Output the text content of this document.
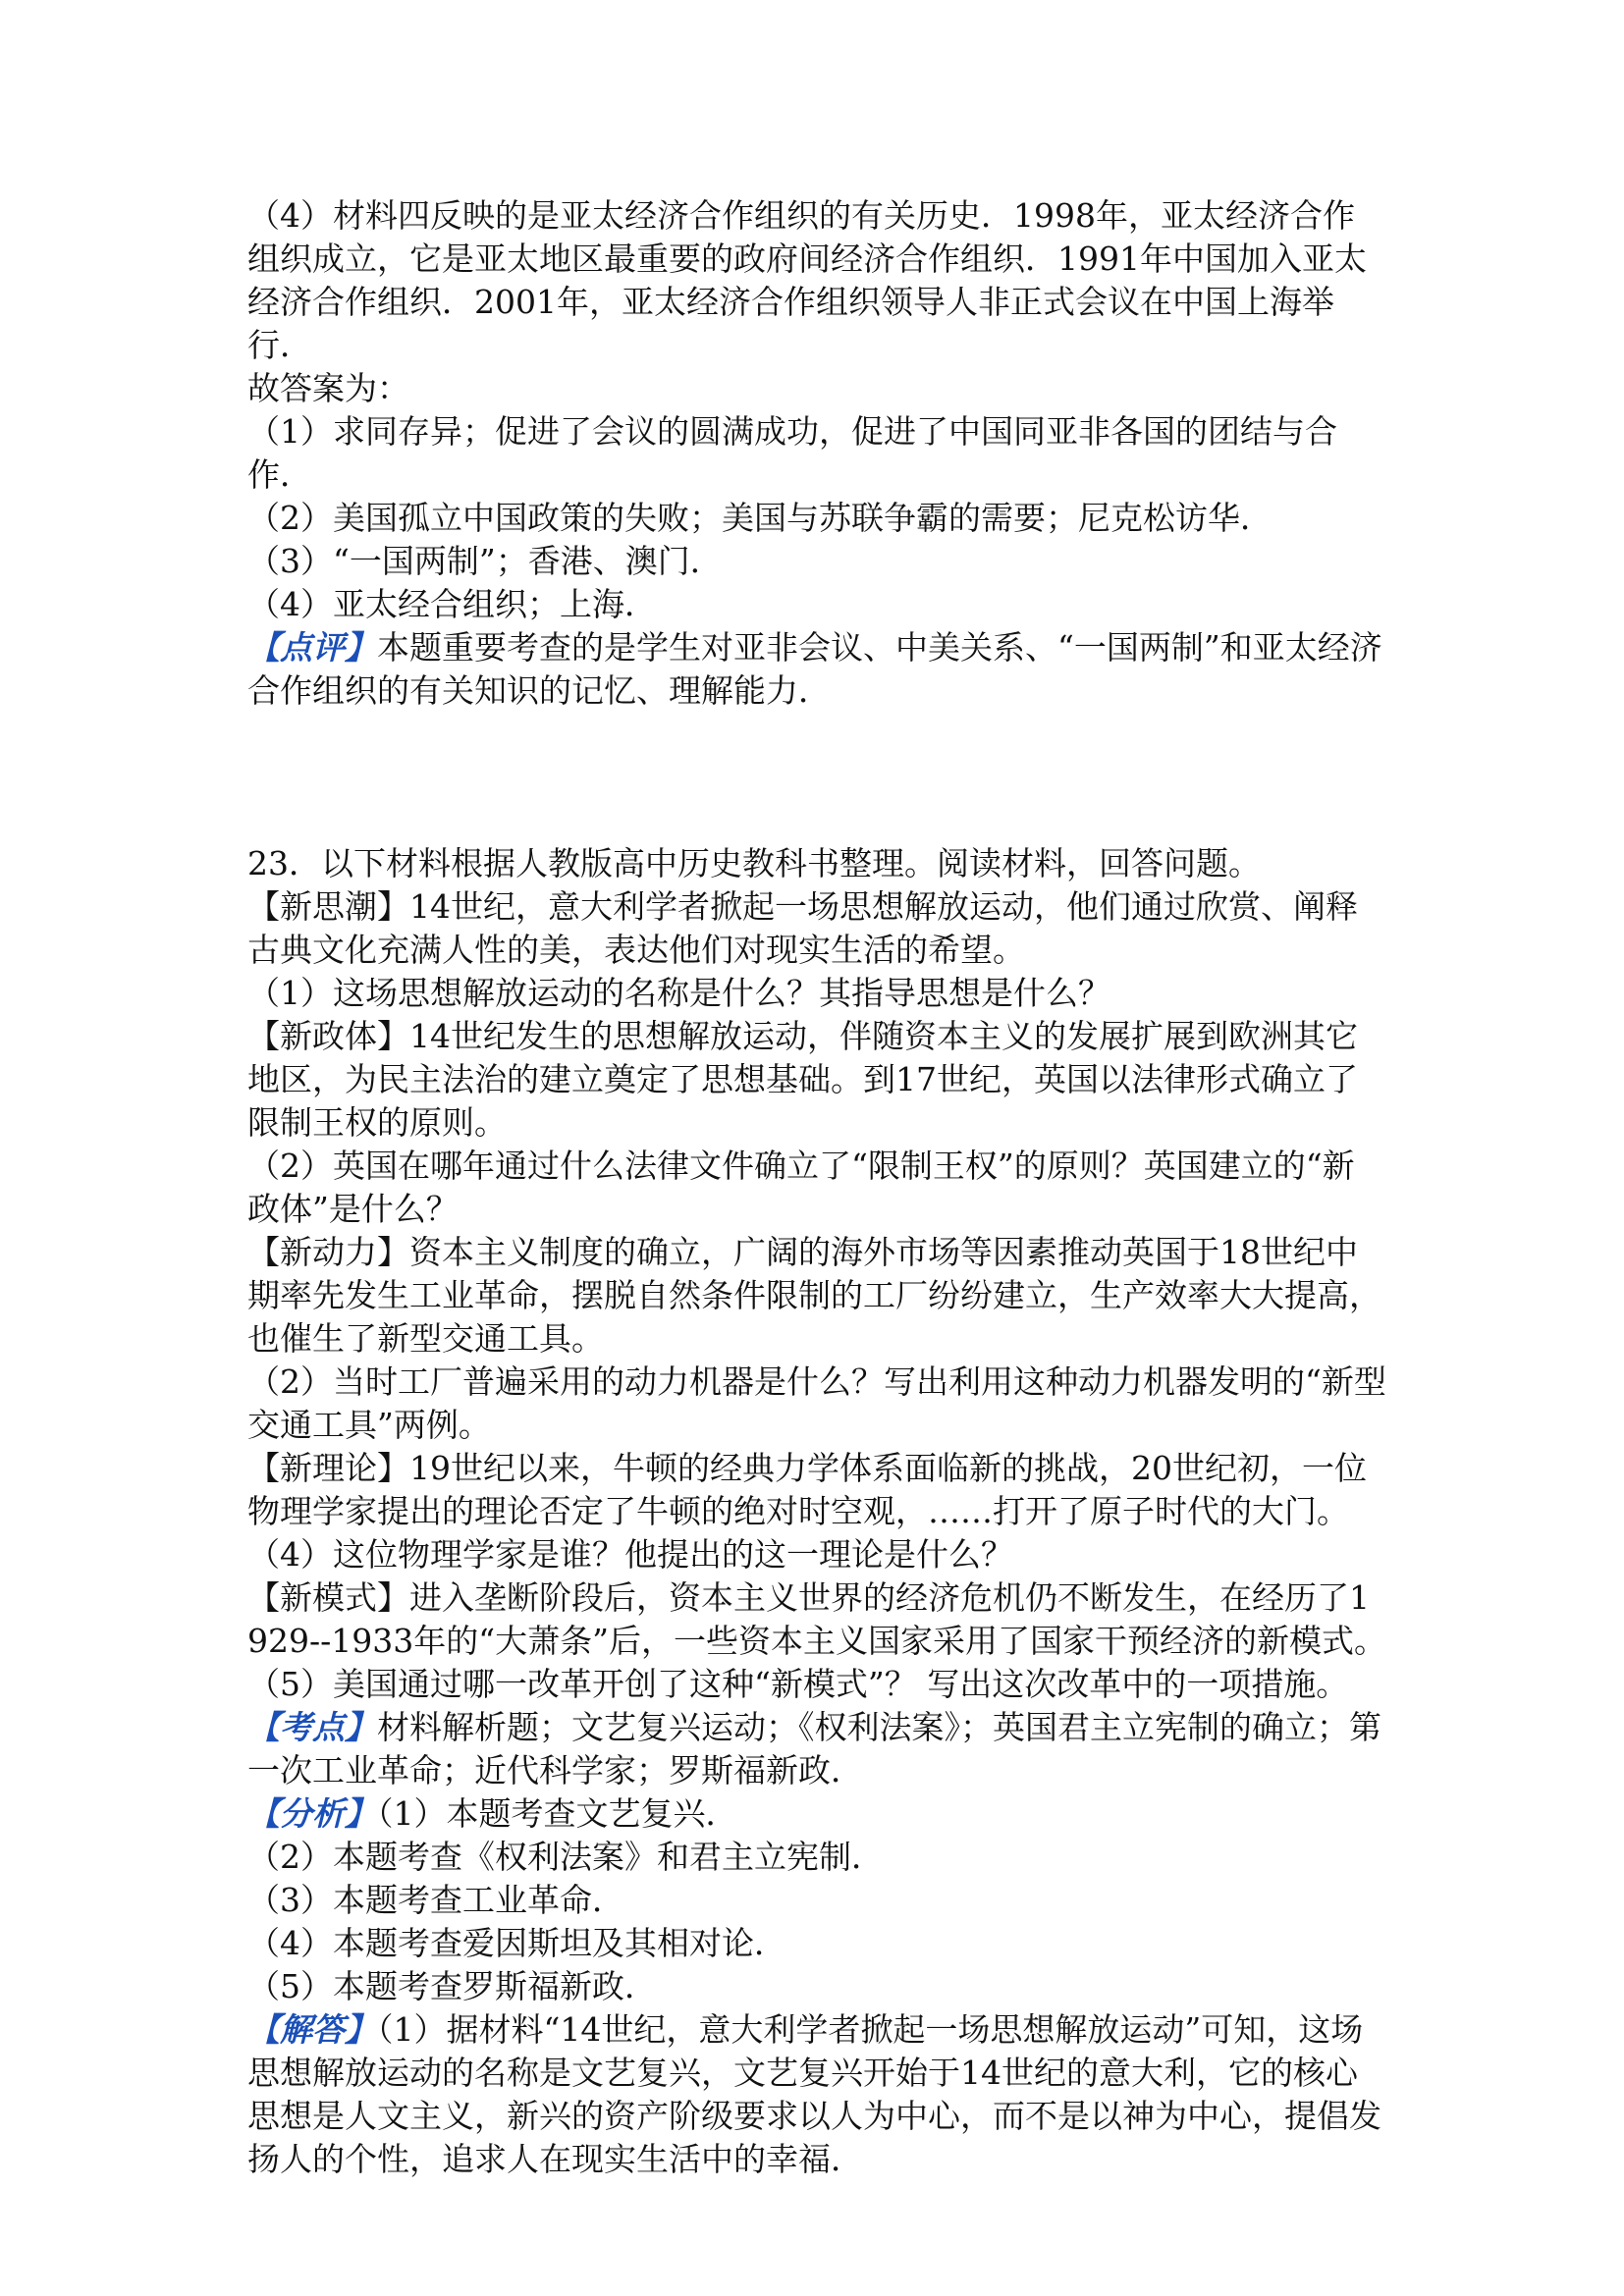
（4）材料四反映的是亚太经济合作组织的有关历史．1998年，亚太经济合作组织成立，它是亚太地区最重要的政府间经济合作组织．1991年中国加入亚太经济合作组织．2001年，亚太经济合作组织领导人非正式会议在中国上海举行．

故答案为：

（1）求同存异；促进了会议的圆满成功，促进了中国同亚非各国的团结与合作．

（2）美国孤立中国政策的失败；美国与苏联争霸的需要；尼克松访华．

（3）“一国两制”；香港、澳门．

（4）亚太经合组织；上海．

【点评】本题重要考查的是学生对亚非会议、中美关系、“一国两制”和亚太经济合作组织的有关知识的记忆、理解能力．

23．以下材料根据人教版高中历史教科书整理。阅读材料，回答问题。

【新思潮】14世纪，意大利学者掀起一场思想解放运动，他们通过欣赏、阐释古典文化充满人性的美，表达他们对现实生活的希望。

（1）这场思想解放运动的名称是什么？其指导思想是什么？

【新政体】14世纪发生的思想解放运动，伴随资本主义的发展扩展到欧洲其它地区，为民主法治的建立奠定了思想基础。到17世纪，英国以法律形式确立了限制王权的原则。

（2）英国在哪年通过什么法律文件确立了“限制王权”的原则？英国建立的“新政体”是什么？

【新动力】资本主义制度的确立，广阔的海外市场等因素推动英国于18世纪中期率先发生工业革命，摆脱自然条件限制的工厂纷纷建立，生产效率大大提高，也催生了新型交通工具。

（2）当时工厂普遍采用的动力机器是什么？写出利用这种动力机器发明的“新型交通工具”两例。

【新理论】19世纪以来，牛顿的经典力学体系面临新的挑战，20世纪初，一位物理学家提出的理论否定了牛顿的绝对时空观，……打开了原子时代的大门。

（4）这位物理学家是谁？他提出的这一理论是什么？

【新模式】进入垄断阶段后，资本主义世界的经济危机仍不断发生，在经历了1929--1933年的“大萧条”后，一些资本主义国家采用了国家干预经济的新模式。

（5）美国通过哪一改革开创了这种“新模式”？ 写出这次改革中的一项措施。

【考点】材料解析题；文艺复兴运动；《权利法案》；英国君主立宪制的确立；第一次工业革命；近代科学家；罗斯福新政．

【分析】（1）本题考查文艺复兴．

（2）本题考查《权利法案》和君主立宪制．

（3）本题考查工业革命．

（4）本题考查爱因斯坦及其相对论．

（5）本题考查罗斯福新政．

【解答】（1）据材料“14世纪，意大利学者掀起一场思想解放运动”可知，这场思想解放运动的名称是文艺复兴，文艺复兴开始于14世纪的意大利，它的核心思想是人文主义，新兴的资产阶级要求以人为中心，而不是以神为中心，提倡发扬人的个性，追求人在现实生活中的幸福．
